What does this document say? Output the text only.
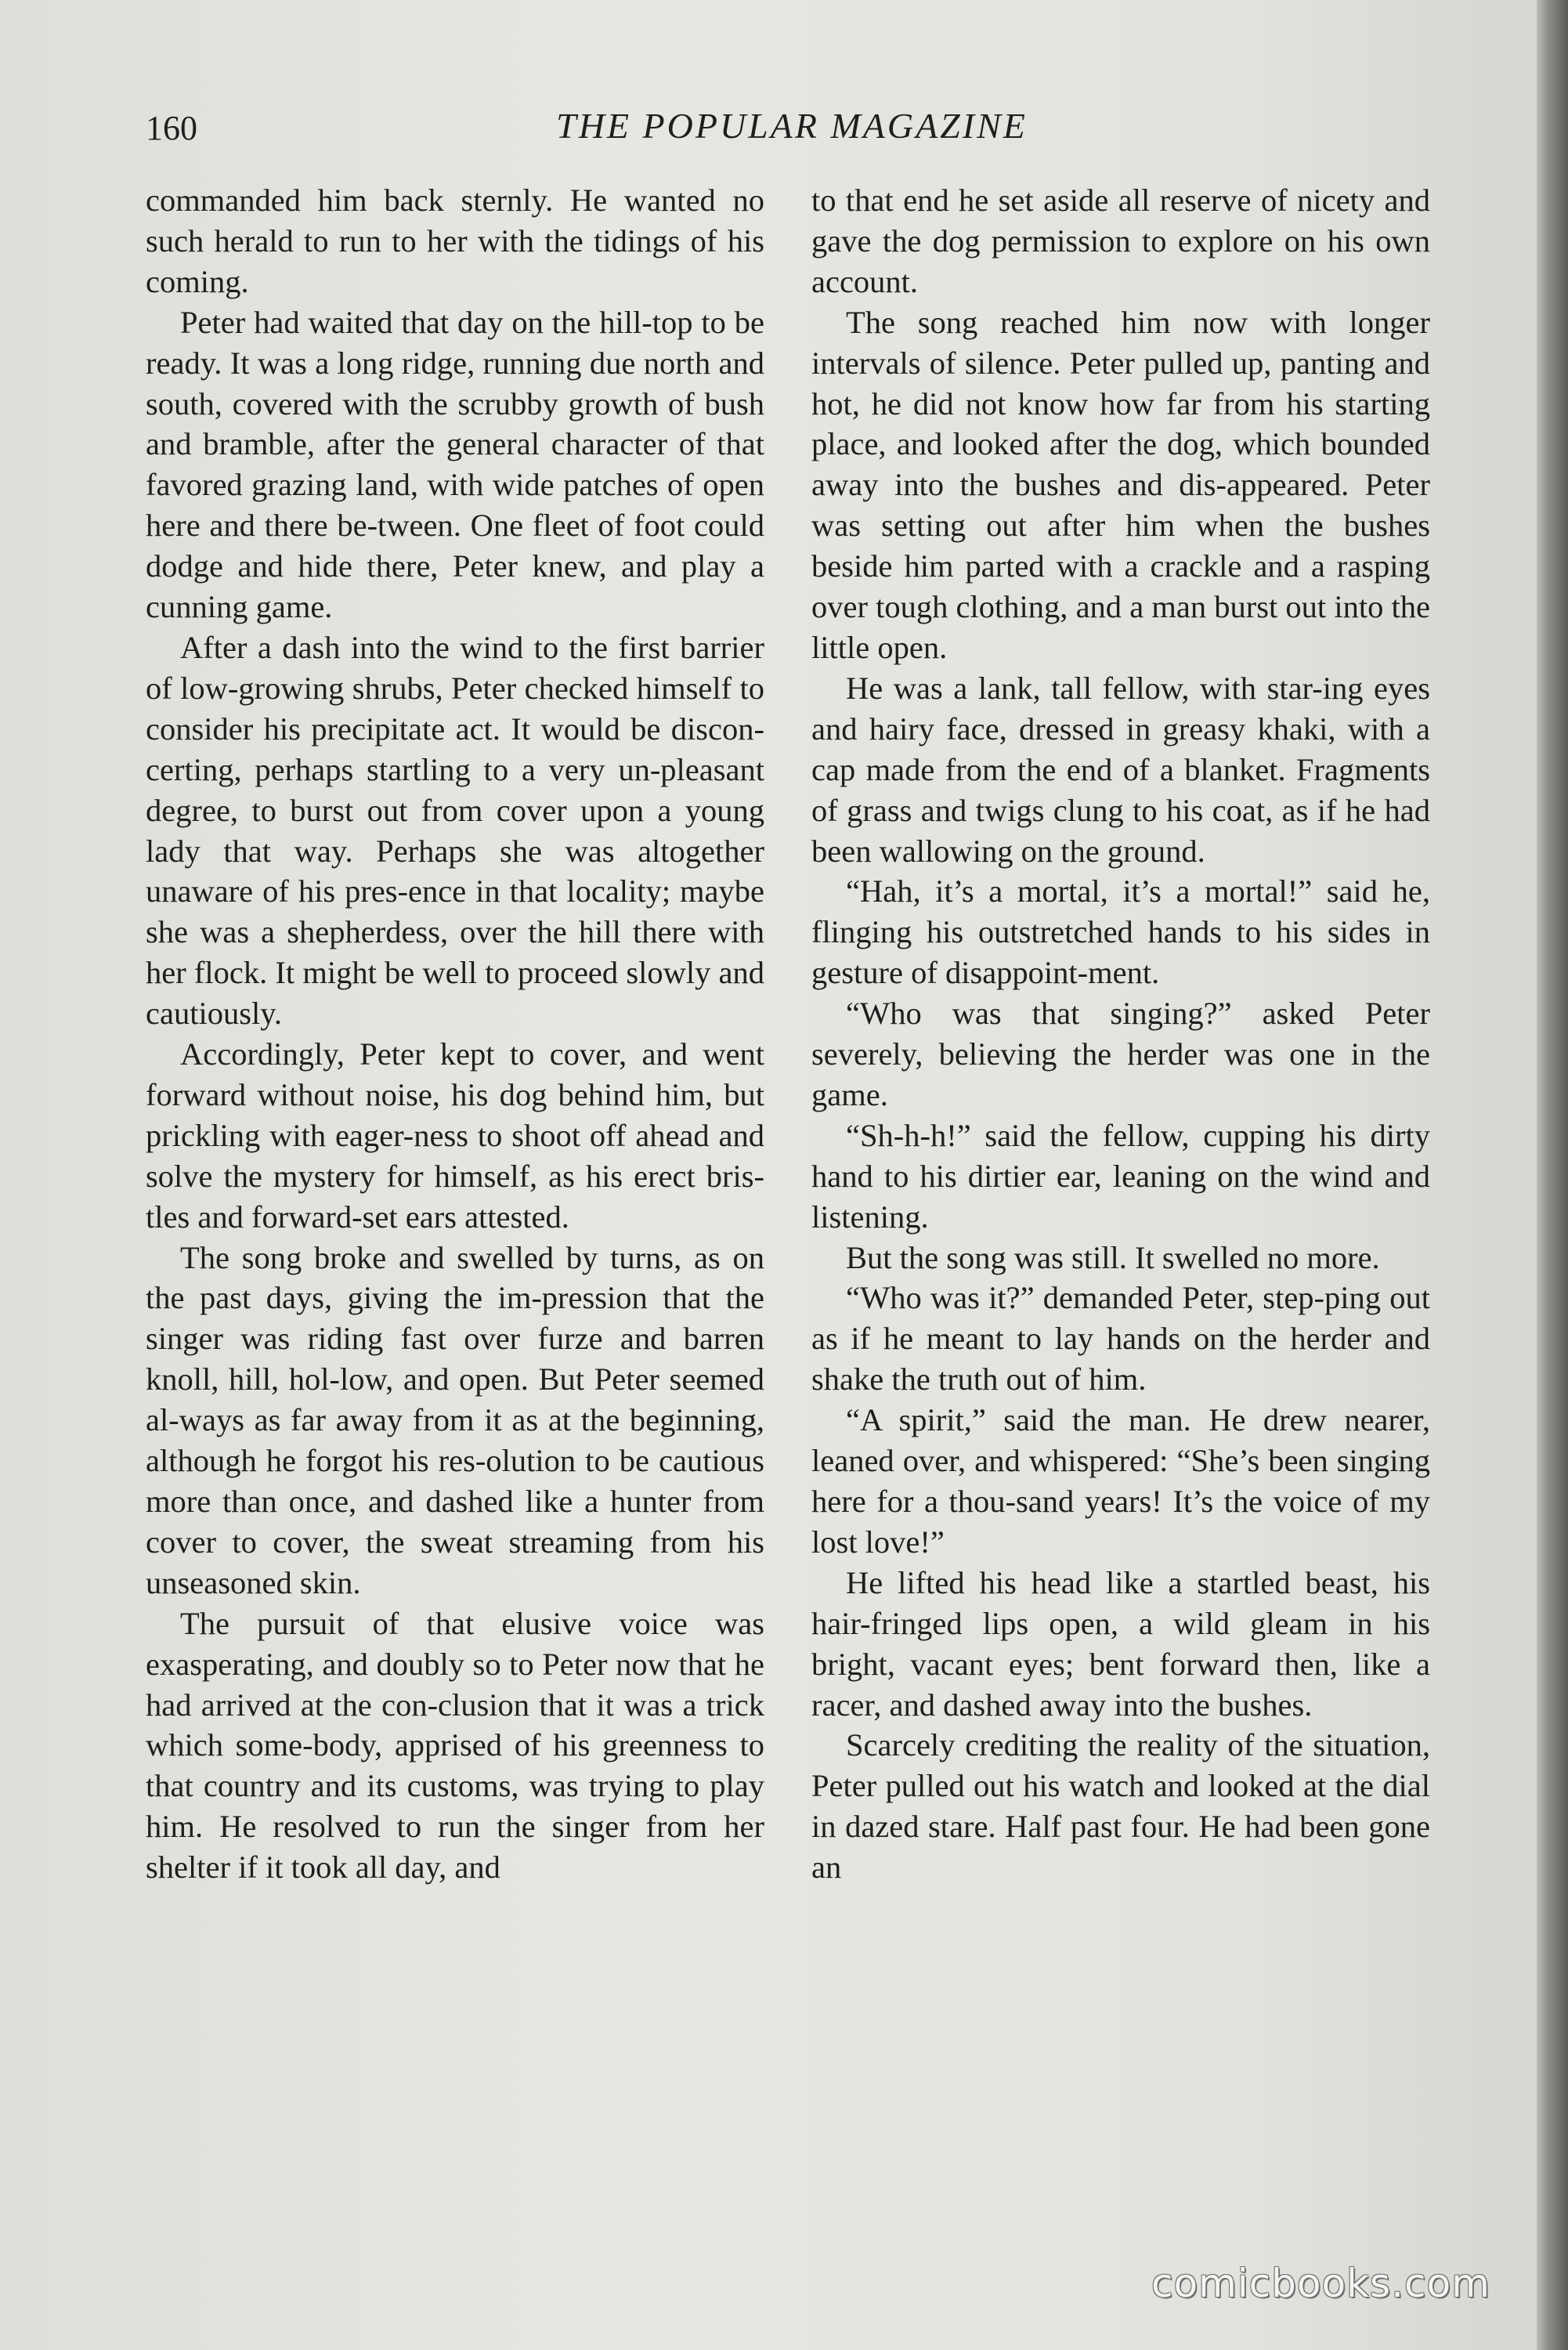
160	THE POPULAR MAGAZINE

commanded him back sternly. He wanted no such herald to run to her with the tidings of his coming.

Peter had waited that day on the hill-top to be ready. It was a long ridge, running due north and south, covered with the scrubby growth of bush and bramble, after the general character of that favored grazing land, with wide patches of open here and there be-tween. One fleet of foot could dodge and hide there, Peter knew, and play a cunning game.

After a dash into the wind to the first barrier of low-growing shrubs, Peter checked himself to consider his precipitate act. It would be discon-certing, perhaps startling to a very un-pleasant degree, to burst out from cover upon a young lady that way. Perhaps she was altogether unaware of his pres-ence in that locality; maybe she was a shepherdess, over the hill there with her flock. It might be well to proceed slowly and cautiously.

Accordingly, Peter kept to cover, and went forward without noise, his dog behind him, but prickling with eager-ness to shoot off ahead and solve the mystery for himself, as his erect bris-tles and forward-set ears attested.

The song broke and swelled by turns, as on the past days, giving the im-pression that the singer was riding fast over furze and barren knoll, hill, hol-low, and open. But Peter seemed al-ways as far away from it as at the beginning, although he forgot his res-olution to be cautious more than once, and dashed like a hunter from cover to cover, the sweat streaming from his unseasoned skin.

The pursuit of that elusive voice was exasperating, and doubly so to Peter now that he had arrived at the con-clusion that it was a trick which some-body, apprised of his greenness to that country and its customs, was trying to play him. He resolved to run the singer from her shelter if it took all day, and

to that end he set aside all reserve of nicety and gave the dog permission to explore on his own account.

The song reached him now with longer intervals of silence. Peter pulled up, panting and hot, he did not know how far from his starting place, and looked after the dog, which bounded away into the bushes and dis-appeared. Peter was setting out after him when the bushes beside him parted with a crackle and a rasping over tough clothing, and a man burst out into the little open.

He was a lank, tall fellow, with star-ing eyes and hairy face, dressed in greasy khaki, with a cap made from the end of a blanket. Fragments of grass and twigs clung to his coat, as if he had been wallowing on the ground.

“Hah, it’s a mortal, it’s a mortal!” said he, flinging his outstretched hands to his sides in gesture of disappoint-ment.

“Who was that singing?” asked Peter severely, believing the herder was one in the game.

“Sh-h-h!” said the fellow, cupping his dirty hand to his dirtier ear, leaning on the wind and listening.

But the song was still. It swelled no more.

“Who was it?” demanded Peter, step-ping out as if he meant to lay hands on the herder and shake the truth out of him.

“A spirit,” said the man. He drew nearer, leaned over, and whispered: “She’s been singing here for a thou-sand years! It’s the voice of my lost love!”

He lifted his head like a startled beast, his hair-fringed lips open, a wild gleam in his bright, vacant eyes; bent forward then, like a racer, and dashed away into the bushes.

Scarcely crediting the reality of the situation, Peter pulled out his watch and looked at the dial in dazed stare. Half past four. He had been gone an

comicbooks.com
